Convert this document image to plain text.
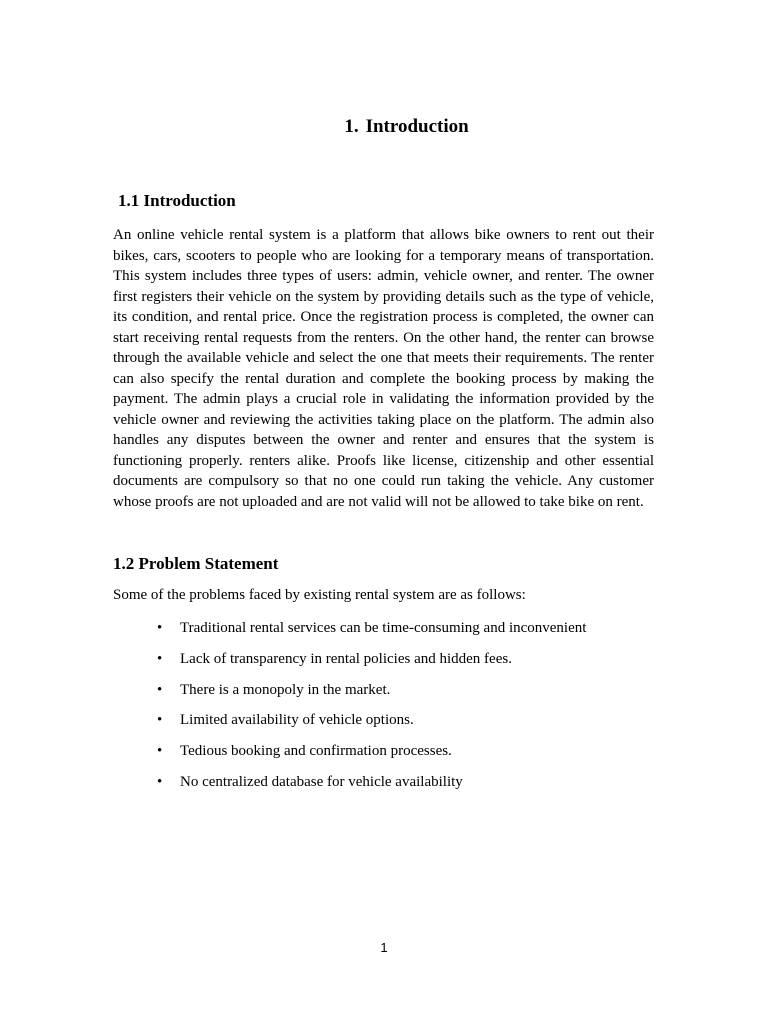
1. Introduction
1.1 Introduction

An online vehicle rental system is a platform that allows bike owners to rent out their bikes, cars, scooters to people who are looking for a temporary means of transportation. This system includes three types of users: admin, vehicle owner, and renter. The owner first registers their vehicle on the system by providing details such as the type of vehicle, its condition, and rental price. Once the registration process is completed, the owner can start receiving rental requests from the renters. On the other hand, the renter can browse through the available vehicle and select the one that meets their requirements. The renter can also specify the rental duration and complete the booking process by making the payment. The admin plays a crucial role in validating the information provided by the vehicle owner and reviewing the activities taking place on the platform. The admin also handles any disputes between the owner and renter and ensures that the system is functioning properly. renters alike. Proofs like license, citizenship and other essential documents are compulsory so that no one could run taking the vehicle. Any customer whose proofs are not uploaded and are not valid will not be allowed to take bike on rent.

1.2 Problem Statement

Some of the problems faced by existing rental system are as follows:

• Traditional rental services can be time-consuming and inconvenient
• Lack of transparency in rental policies and hidden fees.
• There is a monopoly in the market.
• Limited availability of vehicle options.
• Tedious booking and confirmation processes.
• No centralized database for vehicle availability
1
